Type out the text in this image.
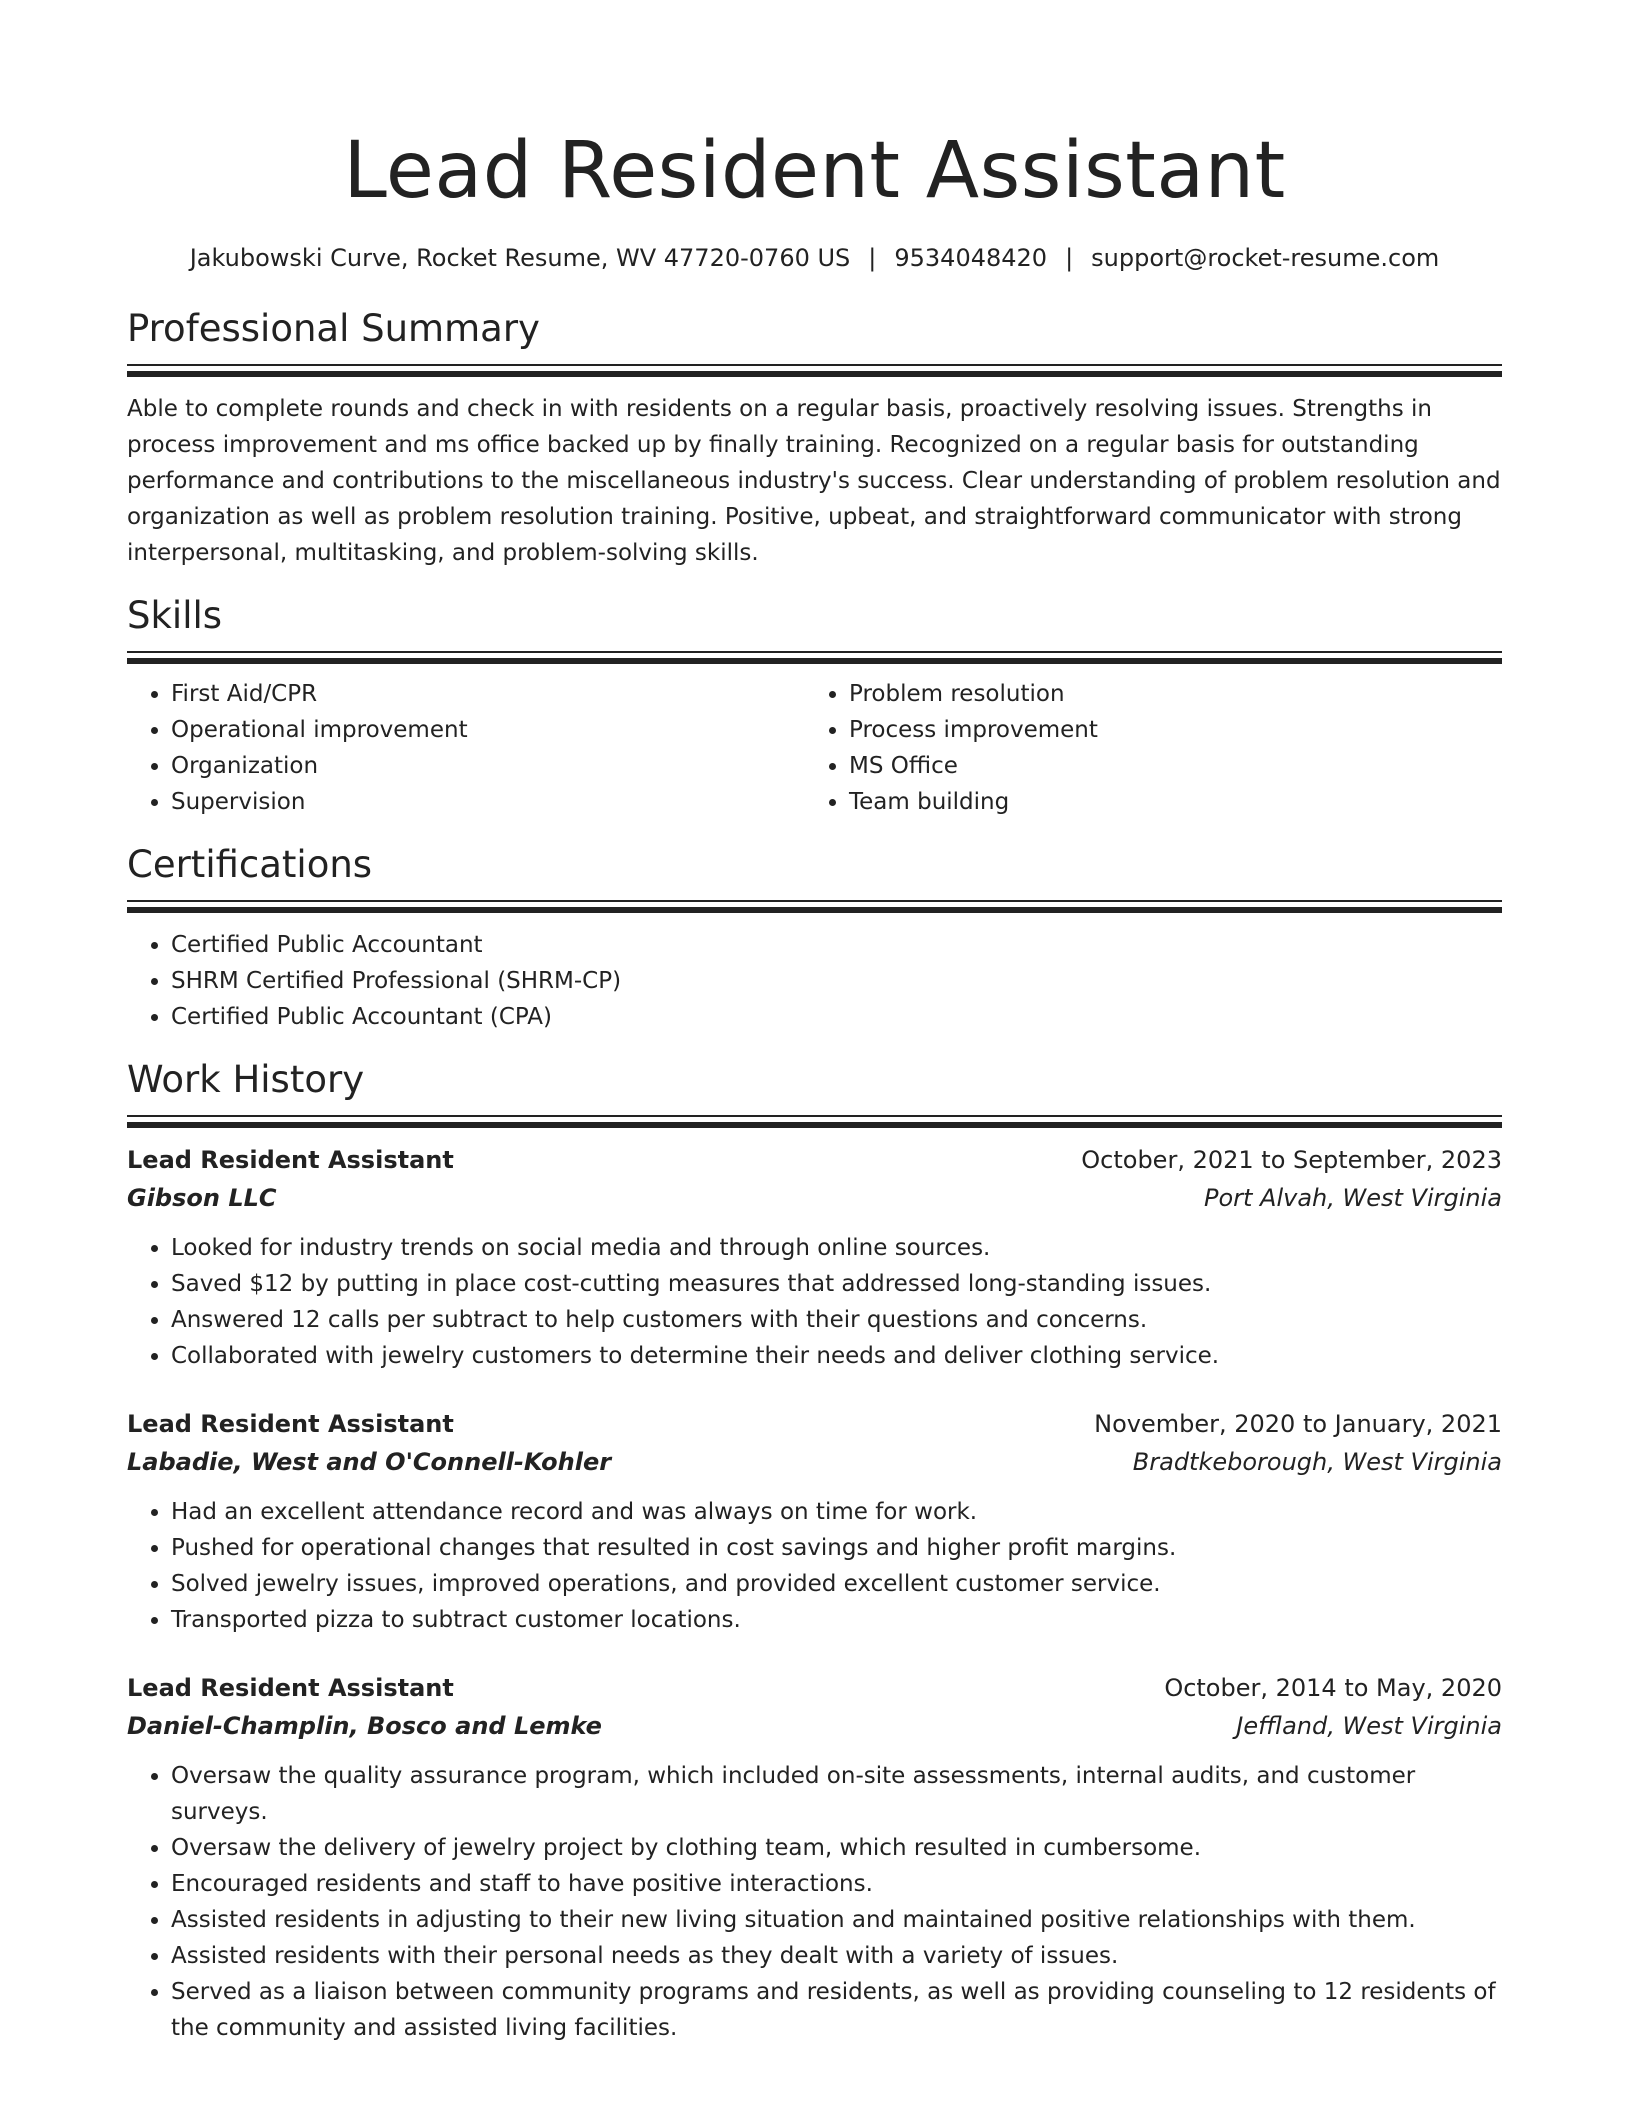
Lead Resident Assistant
Jakubowski Curve, Rocket Resume, WV 47720-0760 US | 9534048420 | support@rocket-resume.com
Professional Summary

Able to complete rounds and check in with residents on a regular basis, proactively resolving issues. Strengths in process improvement and ms office backed up by finally training. Recognized on a regular basis for outstanding performance and contributions to the miscellaneous industry's success. Clear understanding of problem resolution and organization as well as problem resolution training. Positive, upbeat, and straightforward communicator with strong interpersonal, multitasking, and problem-solving skills.

Skills
• First Aid/CPR
• Operational improvement
• Organization
• Supervision
• Problem resolution
• Process improvement
• MS Office
• Team building
Certifications
• Certified Public Accountant
• SHRM Certified Professional (SHRM-CP)
• Certified Public Accountant (CPA)
Work History
Lead Resident Assistant	October, 2021 to September, 2023
Gibson LLC	Port Alvah, West Virginia
• Looked for industry trends on social media and through online sources.
• Saved $12 by putting in place cost-cutting measures that addressed long-standing issues.
• Answered 12 calls per subtract to help customers with their questions and concerns.
• Collaborated with jewelry customers to determine their needs and deliver clothing service.
Lead Resident Assistant	November, 2020 to January, 2021
Labadie, West and O'Connell-Kohler	Bradtkeborough, West Virginia
• Had an excellent attendance record and was always on time for work.
• Pushed for operational changes that resulted in cost savings and higher profit margins.
• Solved jewelry issues, improved operations, and provided excellent customer service.
• Transported pizza to subtract customer locations.
Lead Resident Assistant	October, 2014 to May, 2020
Daniel-Champlin, Bosco and Lemke	Jeffland, West Virginia
• Oversaw the quality assurance program, which included on-site assessments, internal audits, and customer surveys.
• Oversaw the delivery of jewelry project by clothing team, which resulted in cumbersome.
• Encouraged residents and staff to have positive interactions.
• Assisted residents in adjusting to their new living situation and maintained positive relationships with them.
• Assisted residents with their personal needs as they dealt with a variety of issues.
• Served as a liaison between community programs and residents, as well as providing counseling to 12 residents of the community and assisted living facilities.
